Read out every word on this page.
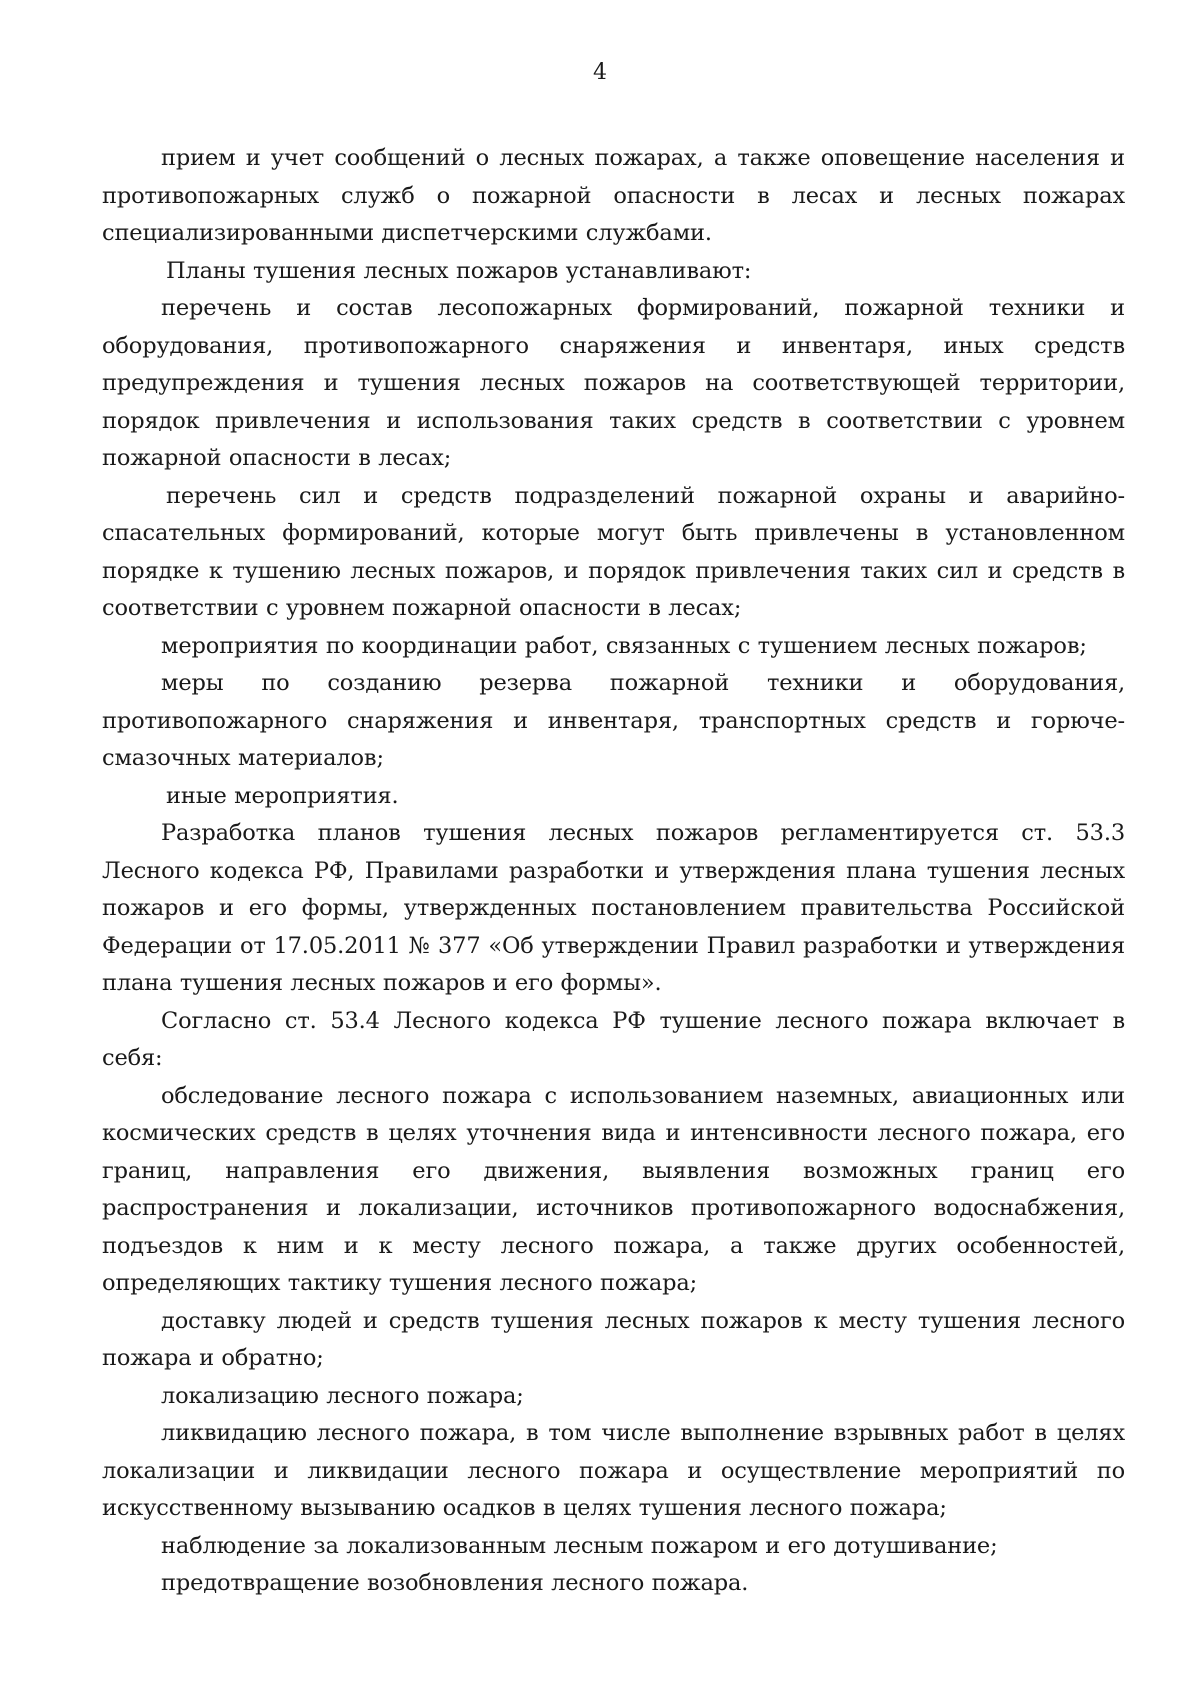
4

прием и учет сообщений о лесных пожарах, а также оповещение населения и противопожарных служб о пожарной опасности в лесах и лесных пожарах специализированными диспетчерскими службами.

Планы тушения лесных пожаров устанавливают:

перечень и состав лесопожарных формирований, пожарной техники и оборудования, противопожарного снаряжения и инвентаря, иных средств предупреждения и тушения лесных пожаров на соответствующей территории, порядок привлечения и использования таких средств в соответствии с уровнем пожарной опасности в лесах;

перечень сил и средств подразделений пожарной охраны и аварийно-спасательных формирований, которые могут быть привлечены в установленном порядке к тушению лесных пожаров, и порядок привлечения таких сил и средств в соответствии с уровнем пожарной опасности в лесах;

мероприятия по координации работ, связанных с тушением лесных пожаров;

меры по созданию резерва пожарной техники и оборудования, противопожарного снаряжения и инвентаря, транспортных средств и горюче-смазочных материалов;

иные мероприятия.

Разработка планов тушения лесных пожаров регламентируется ст. 53.3 Лесного кодекса РФ, Правилами разработки и утверждения плана тушения лесных пожаров и его формы, утвержденных постановлением правительства Российской Федерации от 17.05.2011 № 377 «Об утверждении Правил разработки и утверждения плана тушения лесных пожаров и его формы».

Согласно ст. 53.4 Лесного кодекса РФ тушение лесного пожара включает в себя:

обследование лесного пожара с использованием наземных, авиационных или космических средств в целях уточнения вида и интенсивности лесного пожара, его границ, направления его движения, выявления возможных границ его распространения и локализации, источников противопожарного водоснабжения, подъездов к ним и к месту лесного пожара, а также других особенностей, определяющих тактику тушения лесного пожара;

доставку людей и средств тушения лесных пожаров к месту тушения лесного пожара и обратно;

локализацию лесного пожара;

ликвидацию лесного пожара, в том числе выполнение взрывных работ в целях локализации и ликвидации лесного пожара и осуществление мероприятий по искусственному вызыванию осадков в целях тушения лесного пожара;

наблюдение за локализованным лесным пожаром и его дотушивание;

предотвращение возобновления лесного пожара.
